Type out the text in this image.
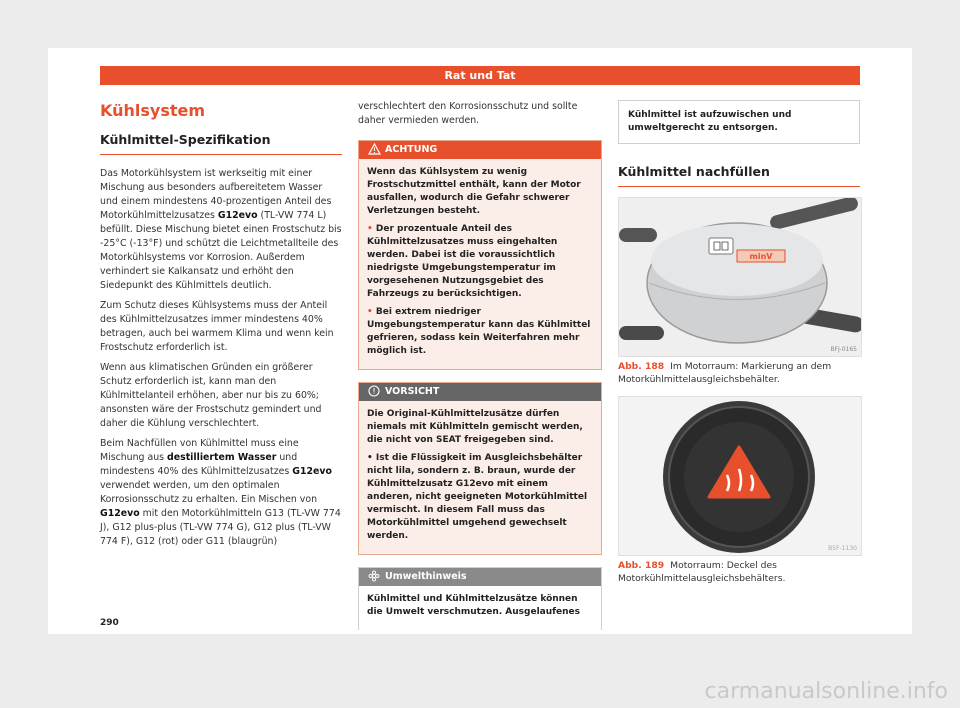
Rat und Tat
Kühlsystem
Kühlmittel-Spezifikation

Das Motorkühlsystem ist werkseitig mit einer Mischung aus besonders aufbereitetem Wasser und einem mindestens 40-prozentigen Anteil des Motorkühlmittelzusatzes G12evo (TL-VW 774 L) befüllt. Diese Mischung bietet einen Frostschutz bis -25°C (-13°F) und schützt die Leichtmetallteile des Motorkühlsystems vor Korrosion. Außerdem verhindert sie Kalkansatz und erhöht den Siedepunkt des Kühlmittels deutlich.

Zum Schutz dieses Kühlsystems muss der Anteil des Kühlmittelzusatzes immer mindestens 40% betragen, auch bei warmem Klima und wenn kein Frostschutz erforderlich ist.

Wenn aus klimatischen Gründen ein größerer Schutz erforderlich ist, kann man den Kühlmittelanteil erhöhen, aber nur bis zu 60%; ansonsten wäre der Frostschutz gemindert und daher die Kühlung verschlechtert.

Beim Nachfüllen von Kühlmittel muss eine Mischung aus destilliertem Wasser und mindestens 40% des Kühlmittelzusatzes G12evo verwendet werden, um den optimalen Korrosionsschutz zu erhalten. Ein Mischen von G12evo mit den Motorkühlmitteln G13 (TL-VW 774 J), G12 plus-plus (TL-VW 774 G), G12 plus (TL-VW 774 F), G12 (rot) oder G11 (blaugrün)

verschlechtert den Korrosionsschutz und sollte daher vermieden werden.

ACHTUNG

Wenn das Kühlsystem zu wenig Frostschutzmittel enthält, kann der Motor ausfallen, wodurch die Gefahr schwerer Verletzungen besteht.

• Der prozentuale Anteil des Kühlmittelzusatzes muss eingehalten werden. Dabei ist die voraussichtlich niedrigste Umgebungstemperatur im vorgesehenen Nutzungsgebiet des Fahrzeugs zu berücksichtigen.

• Bei extrem niedriger Umgebungstemperatur kann das Kühlmittel gefrieren, sodass kein Weiterfahren mehr möglich ist.

VORSICHT

Die Original-Kühlmittelzusätze dürfen niemals mit Kühlmitteln gemischt werden, die nicht von SEAT freigegeben sind.

• Ist die Flüssigkeit im Ausgleichsbehälter nicht lila, sondern z. B. braun, wurde der Kühlmittelzusatz G12evo mit einem anderen, nicht geeigneten Motorkühlmittel vermischt. In diesem Fall muss das Motorkühlmittel umgehend gewechselt werden.

Umwelthinweis

Kühlmittel und Kühlmittelzusätze können die Umwelt verschmutzen. Ausgelaufenes

Kühlmittel ist aufzuwischen und umweltgerecht zu entsorgen.
Kühlmittel nachfüllen
minV
BFJ-0165
Abb. 188 Im Motorraum: Markierung an dem Motorkühlmittelausgleichsbehälter.
B5F-1130
Abb. 189 Motorraum: Deckel des Motorkühlmittelausgleichsbehälters.
290
carmanualsonline.info
